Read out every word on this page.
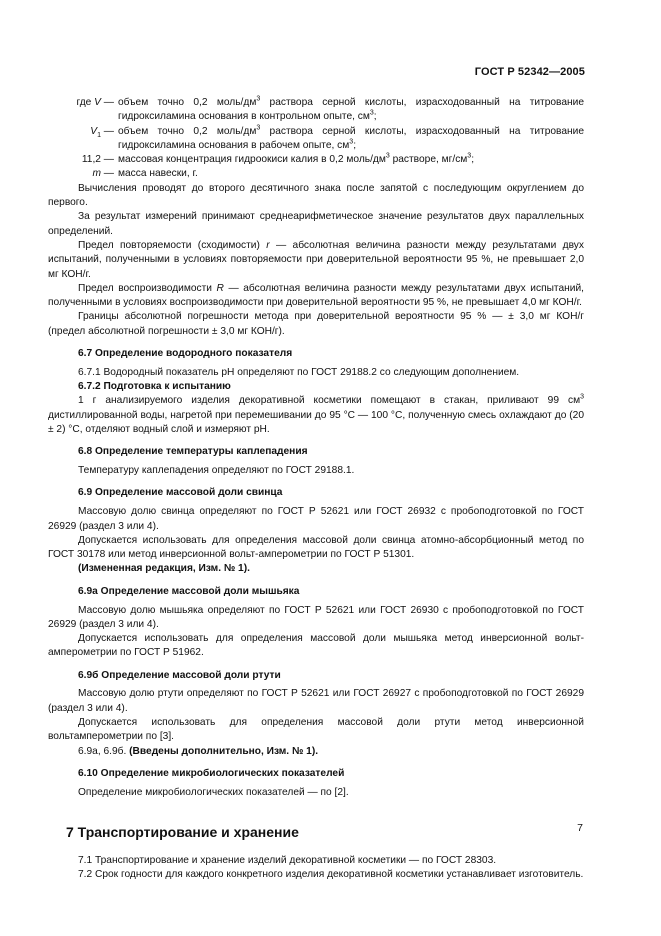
ГОСТ Р 52342—2005
где V —	объем точно 0,2 моль/$дм^3$ раствора серной кислоты, израсходованный на титрование гидроксиламина основания в контрольном опыте, $см^3$;
$V_1$ —	объем точно 0,2 моль/$дм^3$ раствора серной кислоты, израсходованный на титрование гидроксиламина основания в рабочем опыте, $см^3$;
11,2 —	массовая концентрация гидроокиси калия в 0,2 моль/$дм^3$ растворе, $мг/см^3$;
m —	масса навески, г.

Вычисления проводят до второго десятичного знака после запятой с последующим округлением до первого.

За результат измерений принимают среднеарифметическое значение результатов двух параллельных определений.

Предел повторяемости (сходимости) r — абсолютная величина разности между результатами двух испытаний, полученными в условиях повторяемости при доверительной вероятности 95 %, не превышает 2,0 мг КОН/г.

Предел воспроизводимости R — абсолютная величина разности между результатами двух испытаний, полученными в условиях воспроизводимости при доверительной вероятности 95 %, не превышает 4,0 мг КОН/г.

Границы абсолютной погрешности метода при доверительной вероятности 95 % — ± 3,0 мг КОН/г (предел абсолютной погрешности ± 3,0 мг КОН/г).

6.7 Определение водородного показателя

6.7.1 Водородный показатель рН определяют по ГОСТ 29188.2 со следующим дополнением.

6.7.2 Подготовка к испытанию

1 г анализируемого изделия декоративной косметики помещают в стакан, приливают 99 $см^3$ дистиллированной воды, нагретой при перемешивании до 95 °С — 100 °С, полученную смесь охлаждают до (20 ± 2) °С, отделяют водный слой и измеряют рН.

6.8 Определение температуры каплепадения

Температуру каплепадения определяют по ГОСТ 29188.1.

6.9 Определение массовой доли свинца

Массовую долю свинца определяют по ГОСТ Р 52621 или ГОСТ 26932 с пробоподготовкой по ГОСТ 26929 (раздел 3 или 4).

Допускается использовать для определения массовой доли свинца атомно-абсорбционный метод по ГОСТ 30178 или метод инверсионной вольт-амперометрии по ГОСТ Р 51301.

(Измененная редакция, Изм. № 1).

6.9а Определение массовой доли мышьяка

Массовую долю мышьяка определяют по ГОСТ Р 52621 или ГОСТ 26930 с пробоподготовкой по ГОСТ 26929 (раздел 3 или 4).

Допускается использовать для определения массовой доли мышьяка метод инверсионной вольт-амперометрии по ГОСТ Р 51962.

6.9б Определение массовой доли ртути

Массовую долю ртути определяют по ГОСТ Р 52621 или ГОСТ 26927 с пробоподготовкой по ГОСТ 26929 (раздел 3 или 4).

Допускается использовать для определения массовой доли ртути метод инверсионной вольтамперометрии по [3].

6.9а, 6.9б. (Введены дополнительно, Изм. № 1).

6.10 Определение микробиологических показателей

Определение микробиологических показателей — по [2].

7 Транспортирование и хранение

7.1 Транспортирование и хранение изделий декоративной косметики — по ГОСТ 28303.

7.2 Срок годности для каждого конкретного изделия декоративной косметики устанавливает изготовитель.

7
